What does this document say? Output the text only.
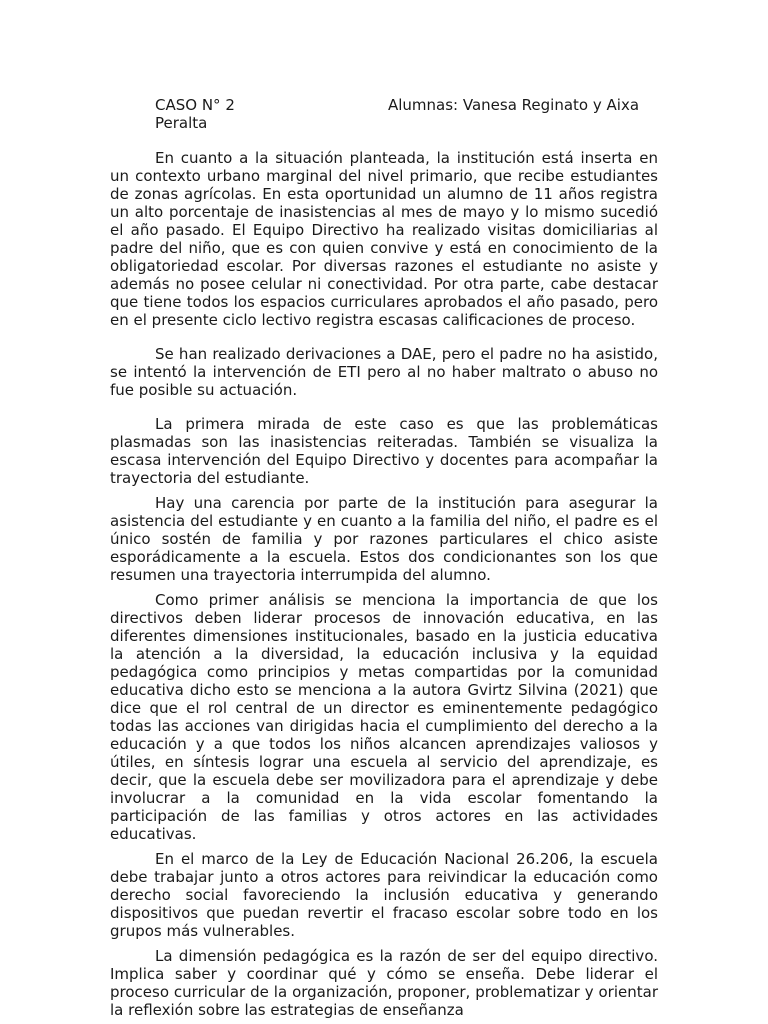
CASO N° 2	Alumnas: Vanesa Reginato y Aixa
Peralta

En cuanto a la situación planteada, la institución está inserta en un contexto urbano marginal del nivel primario, que recibe estudiantes de zonas agrícolas. En esta oportunidad un alumno de 11 años registra un alto porcentaje de inasistencias al mes de mayo y lo mismo sucedió el año pasado. El Equipo Directivo ha realizado visitas domiciliarias al padre del niño, que es con quien convive y está en conocimiento de la obligatoriedad escolar. Por diversas razones el estudiante no asiste y además no posee celular ni conectividad. Por otra parte, cabe destacar que tiene todos los espacios curriculares aprobados el año pasado, pero en el presente ciclo lectivo registra escasas calificaciones de proceso.

Se han realizado derivaciones a DAE, pero el padre no ha asistido, se intentó la intervención de ETI pero al no haber maltrato o abuso no fue posible su actuación.

La primera mirada de este caso es que las problemáticas plasmadas son las inasistencias reiteradas. También se visualiza la escasa intervención del Equipo Directivo y docentes para acompañar la trayectoria del estudiante.

Hay una carencia por parte de la institución para asegurar la asistencia del estudiante y en cuanto a la familia del niño, el padre es el único sostén de familia y por razones particulares el chico asiste esporádicamente a la escuela. Estos dos condicionantes son los que resumen una trayectoria interrumpida del alumno.

Como primer análisis se menciona la importancia de que los directivos deben liderar procesos de innovación educativa, en las diferentes dimensiones institucionales, basado en la justicia educativa la atención a la diversidad, la educación inclusiva y la equidad pedagógica como principios y metas compartidas por la comunidad educativa dicho esto se menciona a la autora Gvirtz Silvina (2021) que dice que el rol central de un director es eminentemente pedagógico todas las acciones van dirigidas hacia el cumplimiento del derecho a la educación y a que todos los niños alcancen aprendizajes valiosos y útiles, en síntesis lograr una escuela al servicio del aprendizaje, es decir, que la escuela debe ser movilizadora para el aprendizaje y debe involucrar a la comunidad en la vida escolar fomentando la participación de las familias y otros actores en las actividades educativas.

En el marco de la Ley de Educación Nacional 26.206, la escuela debe trabajar junto a otros actores para reivindicar la educación como derecho social favoreciendo la inclusión educativa y generando dispositivos que puedan revertir el fracaso escolar sobre todo en los grupos más vulnerables.

La dimensión pedagógica es la razón de ser del equipo directivo. Implica saber y coordinar qué y cómo se enseña. Debe liderar el proceso curricular de la organización, proponer, problematizar y orientar la reflexión sobre las estrategias de enseñanza
